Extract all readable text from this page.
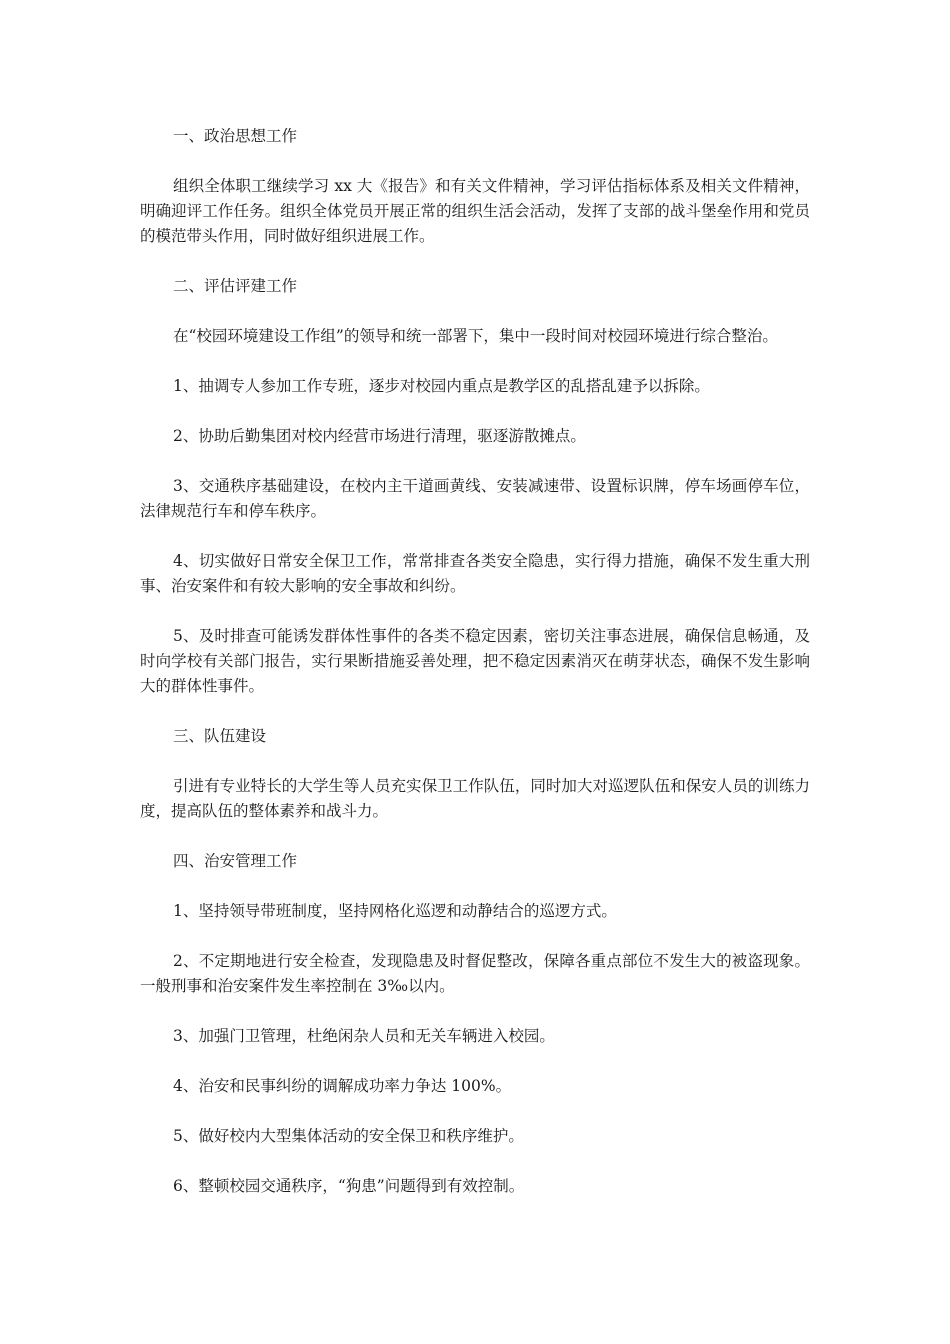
一、政治思想工作

组织全体职工继续学习 xx 大《报告》和有关文件精神，学习评估指标体系及相关文件精神，明确迎评工作任务。组织全体党员开展正常的组织生活会活动，发挥了支部的战斗堡垒作用和党员的模范带头作用，同时做好组织进展工作。

二、评估评建工作

在“校园环境建设工作组”的领导和统一部署下，集中一段时间对校园环境进行综合整治。

1、抽调专人参加工作专班，逐步对校园内重点是教学区的乱搭乱建予以拆除。

2、协助后勤集团对校内经营市场进行清理，驱逐游散摊点。

3、交通秩序基础建设，在校内主干道画黄线、安装减速带、设置标识牌，停车场画停车位，法律规范行车和停车秩序。

4、切实做好日常安全保卫工作，常常排查各类安全隐患，实行得力措施，确保不发生重大刑事、治安案件和有较大影响的安全事故和纠纷。

5、及时排查可能诱发群体性事件的各类不稳定因素，密切关注事态进展，确保信息畅通，及时向学校有关部门报告，实行果断措施妥善处理，把不稳定因素消灭在萌芽状态，确保不发生影响大的群体性事件。

三、队伍建设

引进有专业特长的大学生等人员充实保卫工作队伍，同时加大对巡逻队伍和保安人员的训练力度，提高队伍的整体素养和战斗力。

四、治安管理工作

1、坚持领导带班制度，坚持网格化巡逻和动静结合的巡逻方式。

2、不定期地进行安全检查，发现隐患及时督促整改，保障各重点部位不发生大的被盗现象。一般刑事和治安案件发生率控制在 3‰以内。

3、加强门卫管理，杜绝闲杂人员和无关车辆进入校园。

4、治安和民事纠纷的调解成功率力争达 100%。

5、做好校内大型集体活动的安全保卫和秩序维护。

6、整顿校园交通秩序，“狗患”问题得到有效控制。
